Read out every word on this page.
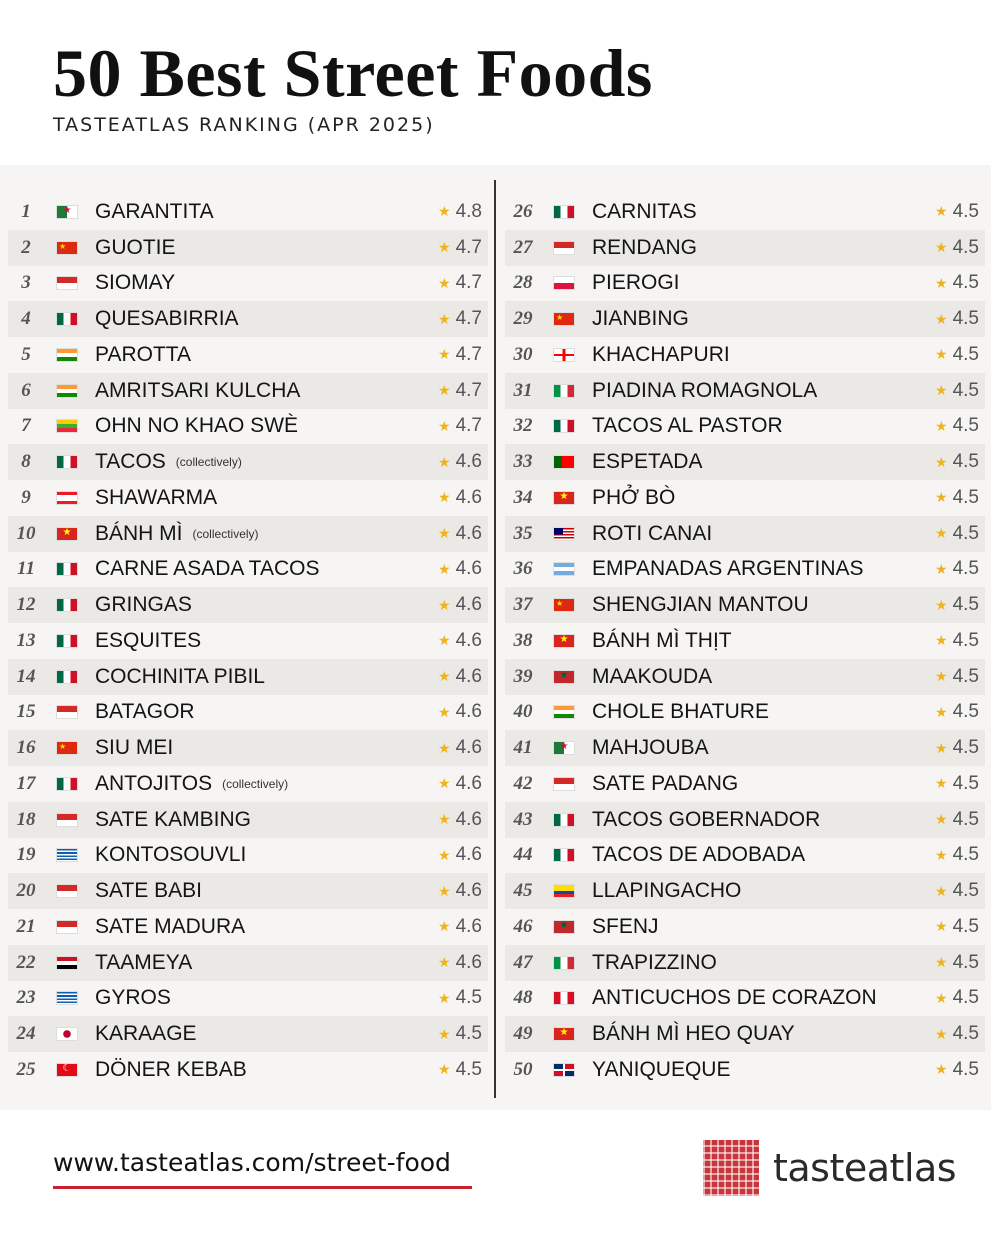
50 Best Street Foods
TASTEATLAS RANKING (APR 2025)
1	★ GARANTITA	★ 4.8
2	★ GUOTIE	★ 4.7
3	SIOMAY	★ 4.7
4	QUESABIRRIA	★ 4.7
5	PAROTTA	★ 4.7
6	AMRITSARI KULCHA	★ 4.7
7	OHN NO KHAO SWÈ	★ 4.7
8	TACOS (collectively)	★ 4.6
9	SHAWARMA	★ 4.6
10	★ BÁNH MÌ (collectively)	★ 4.6
11	CARNE ASADA TACOS	★ 4.6
12	GRINGAS	★ 4.6
13	ESQUITES	★ 4.6
14	COCHINITA PIBIL	★ 4.6
15	BATAGOR	★ 4.6
16	★ SIU MEI	★ 4.6
17	ANTOJITOS (collectively)	★ 4.6
18	SATE KAMBING	★ 4.6
19	KONTOSOUVLI	★ 4.6
20	SATE BABI	★ 4.6
21	SATE MADURA	★ 4.6
22	TAAMEYA	★ 4.6
23	GYROS	★ 4.5
24	KARAAGE	★ 4.5
25	☾ DÖNER KEBAB	★ 4.5
26	CARNITAS	★ 4.5
27	RENDANG	★ 4.5
28	PIEROGI	★ 4.5
29	★ JIANBING	★ 4.5
30	KHACHAPURI	★ 4.5
31	PIADINA ROMAGNOLA	★ 4.5
32	TACOS AL PASTOR	★ 4.5
33	ESPETADA	★ 4.5
34	★ PHỞ BÒ	★ 4.5
35	ROTI CANAI	★ 4.5
36	EMPANADAS ARGENTINAS	★ 4.5
37	★ SHENGJIAN MANTOU	★ 4.5
38	★ BÁNH MÌ THỊT	★ 4.5
39	★ MAAKOUDA	★ 4.5
40	CHOLE BHATURE	★ 4.5
41	★ MAHJOUBA	★ 4.5
42	SATE PADANG	★ 4.5
43	TACOS GOBERNADOR	★ 4.5
44	TACOS DE ADOBADA	★ 4.5
45	LLAPINGACHO	★ 4.5
46	★ SFENJ	★ 4.5
47	TRAPIZZINO	★ 4.5
48	ANTICUCHOS DE CORAZON	★ 4.5
49	★ BÁNH MÌ HEO QUAY	★ 4.5
50	YANIQUEQUE	★ 4.5
www.tasteatlas.com/street-food	tasteatlas
